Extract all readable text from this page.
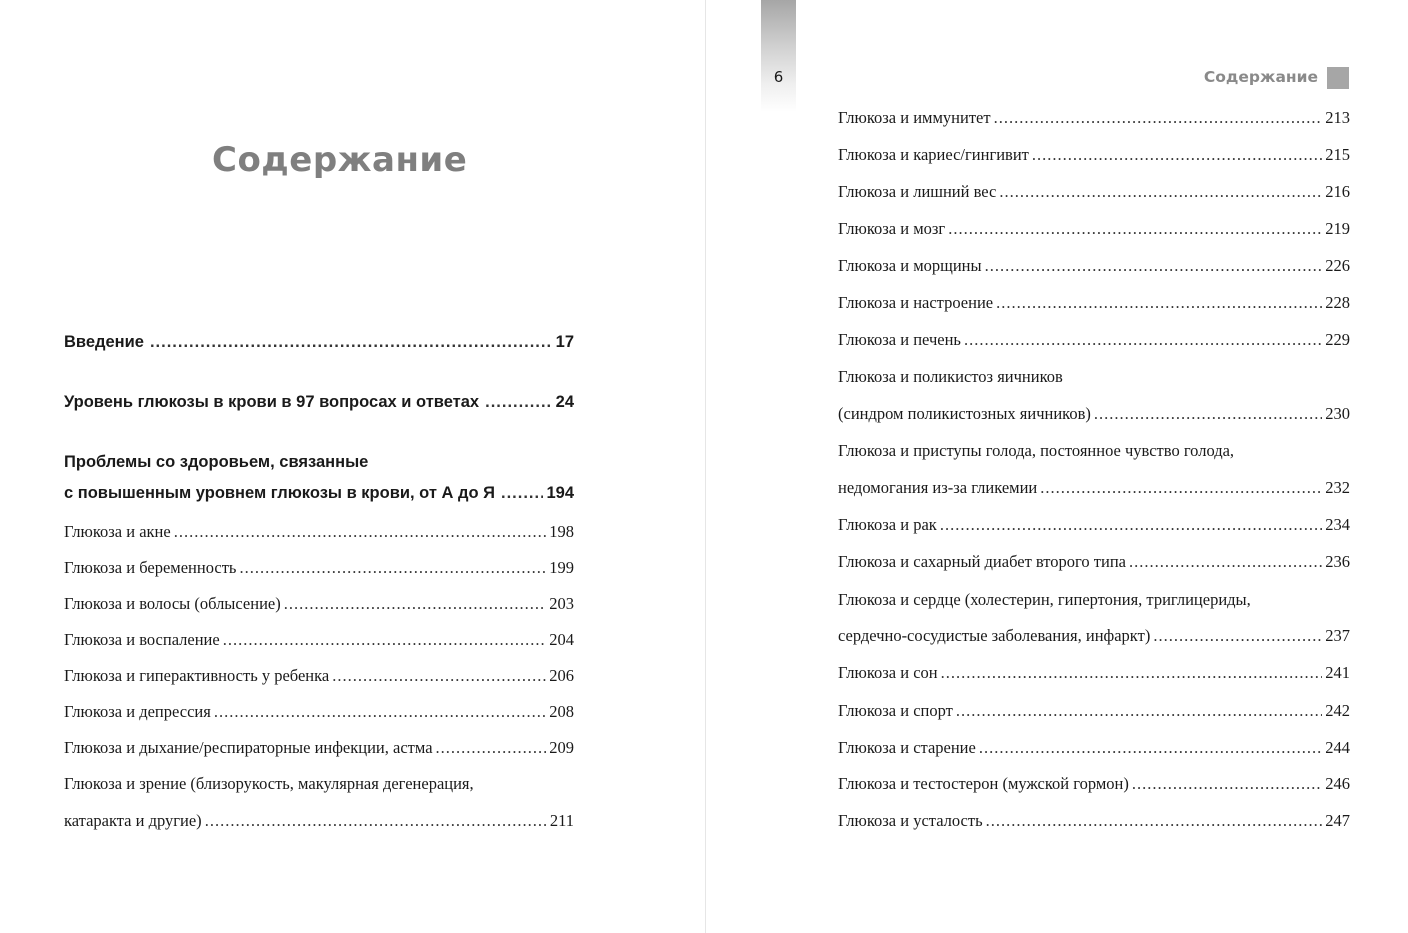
Содержание
Введение .....	17
Уровень глюкозы в крови в 97 вопросах и ответах .....	24
Проблемы со здоровьем, связанные
с повышенным уровнем глюкозы в крови, от А до Я .....	194
Глюкоза и акне .....	198
Глюкоза и беременность .....	199
Глюкоза и волосы (облысение) .....	203
Глюкоза и воспаление .....	204
Глюкоза и гиперактивность у ребенка .....	206
Глюкоза и депрессия .....	208
Глюкоза и дыхание/респираторные инфекции, астма .....	209
Глюкоза и зрение (близорукость, макулярная дегенерация,
катаракта и другие) .....	211
6	Содержание
Глюкоза и иммунитет .....	213
Глюкоза и кариес/гингивит .....	215
Глюкоза и лишний вес .....	216
Глюкоза и мозг .....	219
Глюкоза и морщины .....	226
Глюкоза и настроение .....	228
Глюкоза и печень .....	229
Глюкоза и поликистоз яичников
(синдром поликистозных яичников) .....	230
Глюкоза и приступы голода, постоянное чувство голода,
недомогания из-за гликемии .....	232
Глюкоза и рак .....	234
Глюкоза и сахарный диабет второго типа .....	236
Глюкоза и сердце (холестерин, гипертония, триглицериды,
сердечно-сосудистые заболевания, инфаркт) .....	237
Глюкоза и сон .....	241
Глюкоза и спорт .....	242
Глюкоза и старение .....	244
Глюкоза и тестостерон (мужской гормон) .....	246
Глюкоза и усталость .....	247
